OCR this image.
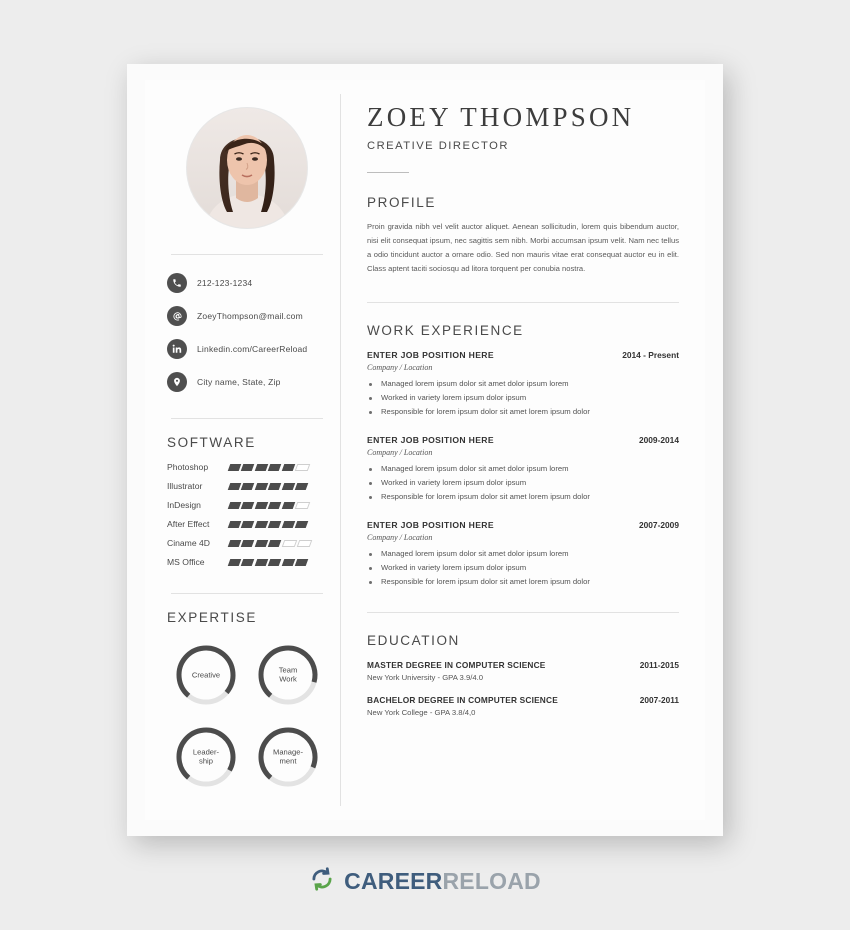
212-123-1234
ZoeyThompson@mail.com
Linkedin.com/CareerReload
City name, State, Zip
SOFTWARE
Photoshop
Illustrator
InDesign
After Effect
Ciname 4D
MS Office
EXPERTISE
Creative
Team
Work
Leader-
ship
Manage-
ment
ZOEY THOMPSON
CREATIVE DIRECTOR
PROFILE

Proin gravida nibh vel velit auctor aliquet. Aenean sollicitudin, lorem quis bibendum auctor, nisi elit consequat ipsum, nec sagittis sem nibh. Morbi accumsan ipsum velit. Nam nec tellus a odio tincidunt auctor a ornare odio. Sed non mauris vitae erat consequat auctor eu in elit. Class aptent taciti sociosqu ad litora torquent per conubia nostra.

WORK EXPERIENCE
ENTER JOB POSITION HERE	2014 - Present
Company / Location
Managed lorem ipsum dolor sit amet dolor ipsum lorem
Worked in variety lorem ipsum dolor ipsum
Responsible for lorem ipsum dolor sit amet lorem ipsum dolor
ENTER JOB POSITION HERE	2009-2014
Company / Location
Managed lorem ipsum dolor sit amet dolor ipsum lorem
Worked in variety lorem ipsum dolor ipsum
Responsible for lorem ipsum dolor sit amet lorem ipsum dolor
ENTER JOB POSITION HERE	2007-2009
Company / Location
Managed lorem ipsum dolor sit amet dolor ipsum lorem
Worked in variety lorem ipsum dolor ipsum
Responsible for lorem ipsum dolor sit amet lorem ipsum dolor
EDUCATION
MASTER DEGREE IN COMPUTER SCIENCE	2011-2015
New York University - GPA 3.9/4.0
BACHELOR DEGREE IN COMPUTER SCIENCE	2007-2011
New York College - GPA 3.8/4,0
CAREERRELOAD
